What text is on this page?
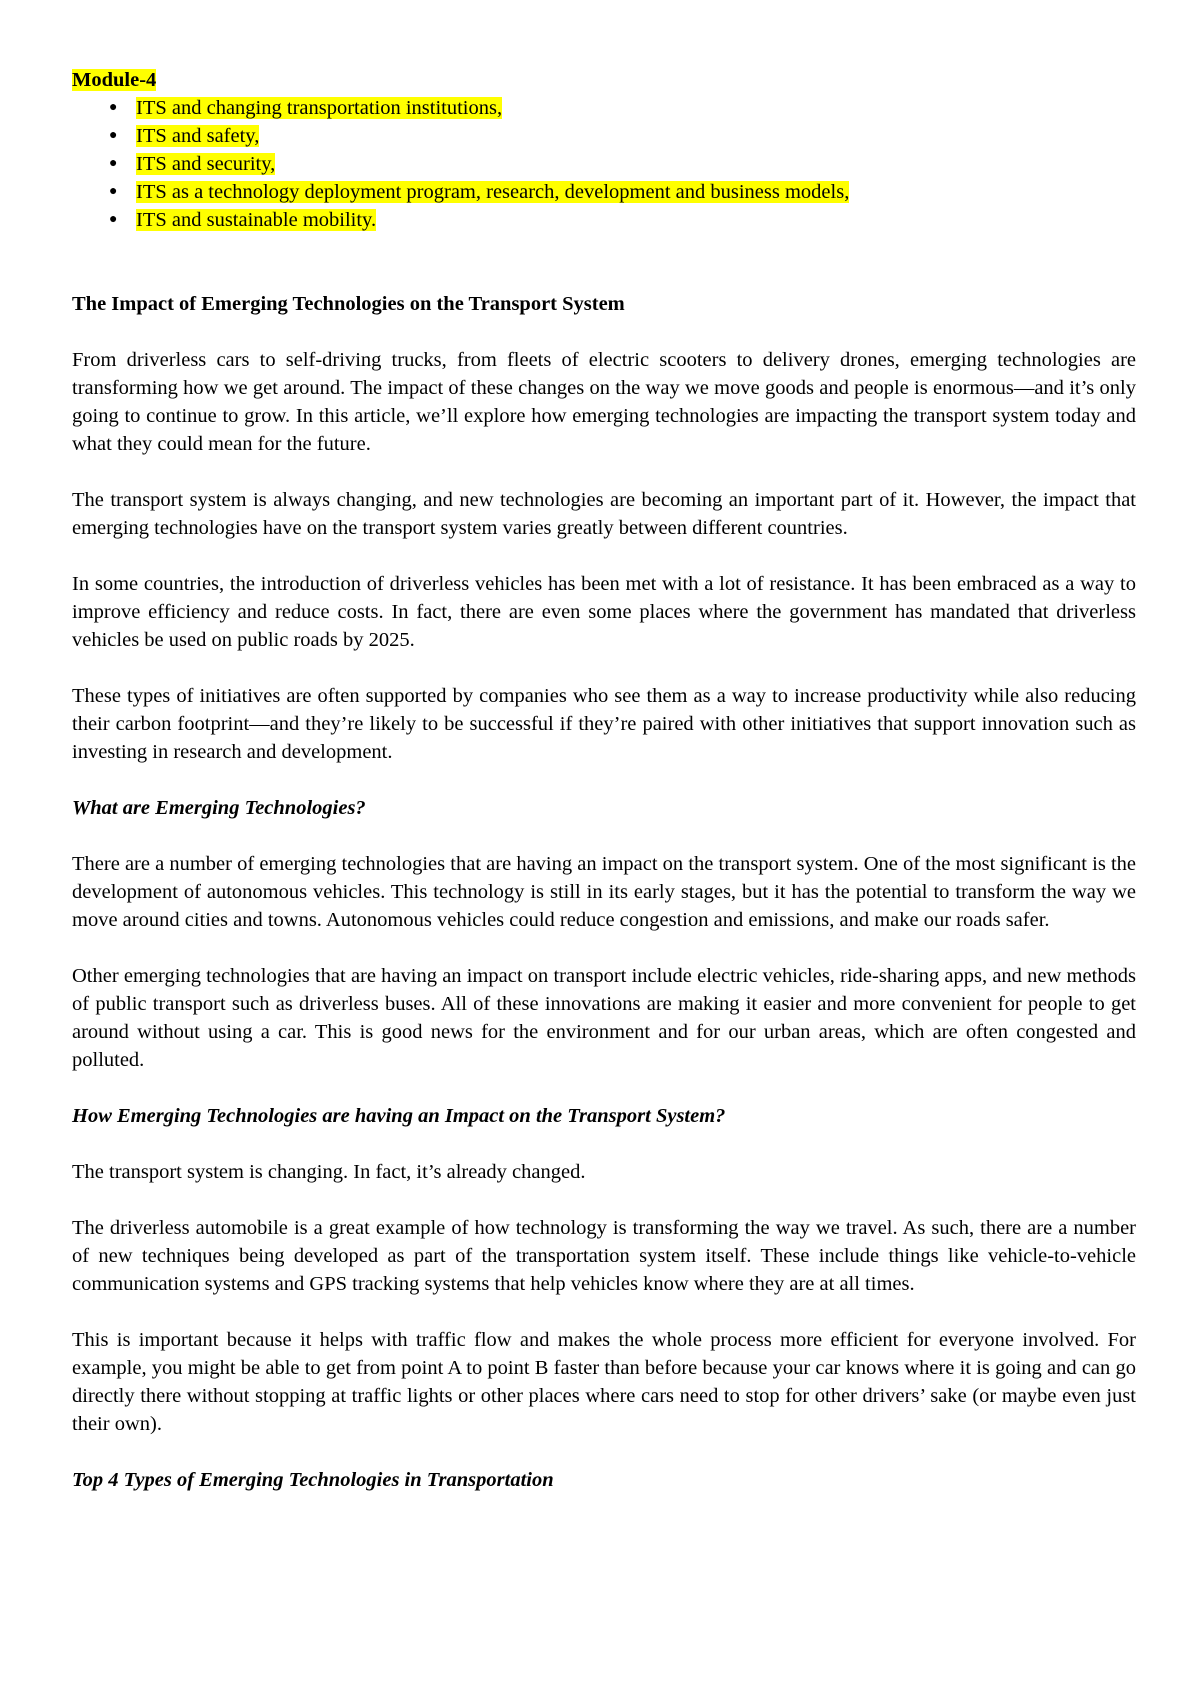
Module-4

● ITS and changing transportation institutions,
● ITS and safety,
● ITS and security,
● ITS as a technology deployment program, research, development and business models,
● ITS and sustainable mobility.
The Impact of Emerging Technologies on the Transport System

From driverless cars to self-driving trucks, from fleets of electric scooters to delivery drones, emerging technologies are transforming how we get around. The impact of these changes on the way we move goods and people is enormous—and it’s only going to continue to grow. In this article, we’ll explore how emerging technologies are impacting the transport system today and what they could mean for the future.

The transport system is always changing, and new technologies are becoming an important part of it. However, the impact that emerging technologies have on the transport system varies greatly between different countries.

In some countries, the introduction of driverless vehicles has been met with a lot of resistance. It has been embraced as a way to improve efficiency and reduce costs. In fact, there are even some places where the government has mandated that driverless vehicles be used on public roads by 2025.

These types of initiatives are often supported by companies who see them as a way to increase productivity while also reducing their carbon footprint—and they’re likely to be successful if they’re paired with other initiatives that support innovation such as investing in research and development.

What are Emerging Technologies?

There are a number of emerging technologies that are having an impact on the transport system. One of the most significant is the development of autonomous vehicles. This technology is still in its early stages, but it has the potential to transform the way we move around cities and towns. Autonomous vehicles could reduce congestion and emissions, and make our roads safer.

Other emerging technologies that are having an impact on transport include electric vehicles, ride-sharing apps, and new methods of public transport such as driverless buses. All of these innovations are making it easier and more convenient for people to get around without using a car. This is good news for the environment and for our urban areas, which are often congested and polluted.

How Emerging Technologies are having an Impact on the Transport System?

The transport system is changing. In fact, it’s already changed.

The driverless automobile is a great example of how technology is transforming the way we travel. As such, there are a number of new techniques being developed as part of the transportation system itself. These include things like vehicle-to-vehicle communication systems and GPS tracking systems that help vehicles know where they are at all times.

This is important because it helps with traffic flow and makes the whole process more efficient for everyone involved. For example, you might be able to get from point A to point B faster than before because your car knows where it is going and can go directly there without stopping at traffic lights or other places where cars need to stop for other drivers’ sake (or maybe even just their own).

Top 4 Types of Emerging Technologies in Transportation
